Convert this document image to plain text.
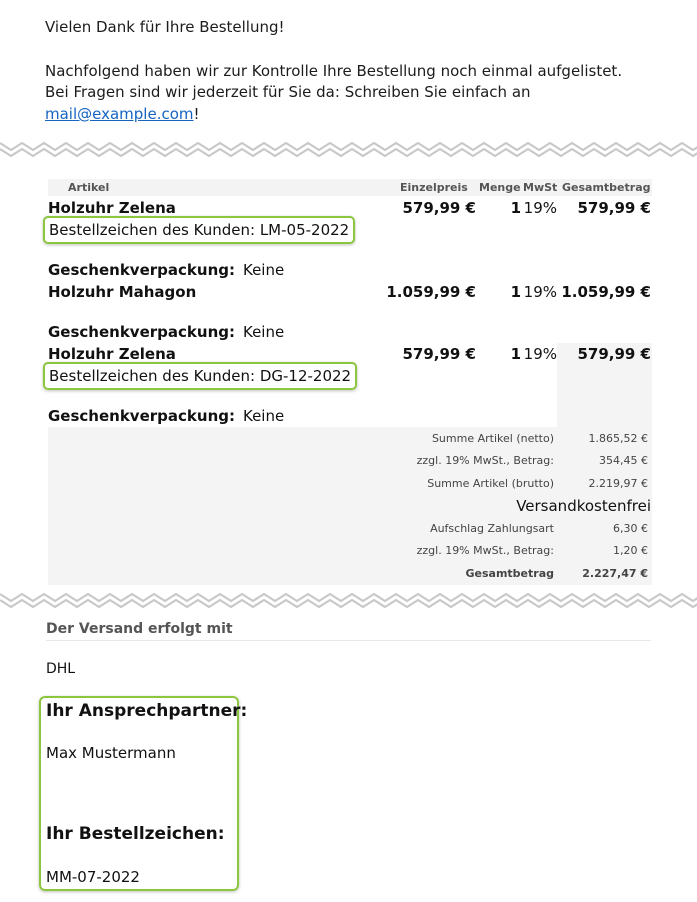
Vielen Dank für Ihre Bestellung!
Nachfolgend haben wir zur Kontrolle Ihre Bestellung noch einmal aufgelistet.
Bei Fragen sind wir jederzeit für Sie da: Schreiben Sie einfach an
mail@example.com!
Artikel	Einzelpreis Menge MwSt Gesamtbetrag
Holzuhr Zelena	579,99 € 1 19% 579,99 €
Bestellzeichen des Kunden: LM-05-2022
Geschenkverpackung: Keine
Holzuhr Mahagon	1.059,99 € 1 19% 1.059,99 €
Geschenkverpackung: Keine
Holzuhr Zelena	579,99 € 1 19% 579,99 €
Bestellzeichen des Kunden: DG-12-2022
Geschenkverpackung: Keine
Summe Artikel (netto)	1.865,52 €
zzgl. 19% MwSt., Betrag:	354,45 €
Summe Artikel (brutto)	2.219,97 €
Versandkostenfrei
Aufschlag Zahlungsart	6,30 €
zzgl. 19% MwSt., Betrag:	1,20 €
Gesamtbetrag	2.227,47 €
Der Versand erfolgt mit
DHL
Ihr Ansprechpartner:
Max Mustermann
Ihr Bestellzeichen:
MM-07-2022
